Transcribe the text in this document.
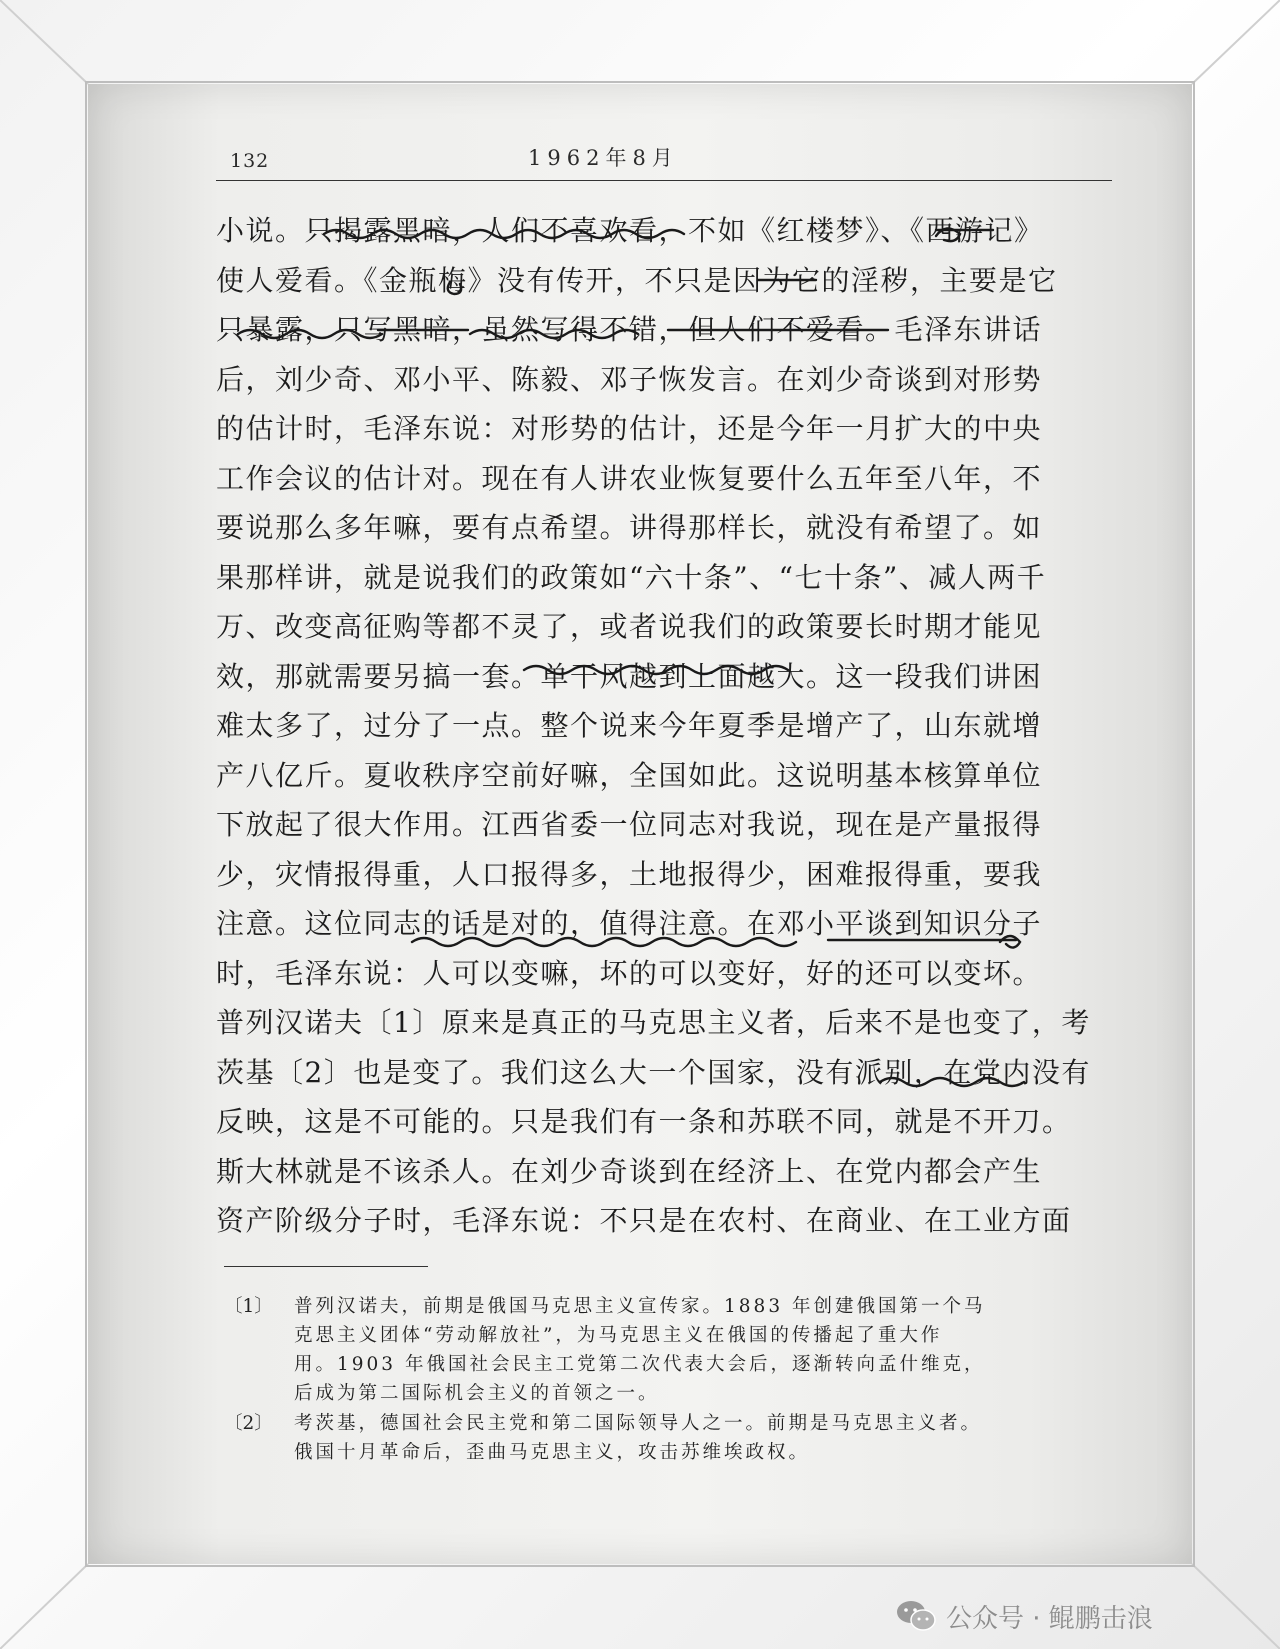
132	1962年8月
小说。只揭露黑暗，人们不喜欢看，不如《红楼梦》、《西游记》
使人爱看。《金瓶梅》没有传开，不只是因为它的淫秽，主要是它
只暴露，只写黑暗，虽然写得不错，但人们不爱看。毛泽东讲话
后，刘少奇、邓小平、陈毅、邓子恢发言。在刘少奇谈到对形势
的估计时，毛泽东说：对形势的估计，还是今年一月扩大的中央
工作会议的估计对。现在有人讲农业恢复要什么五年至八年，不
要说那么多年嘛，要有点希望。讲得那样长，就没有希望了。如
果那样讲，就是说我们的政策如“六十条”、“七十条”、减人两千
万、改变高征购等都不灵了，或者说我们的政策要长时期才能见
效，那就需要另搞一套。单干风越到上面越大。这一段我们讲困
难太多了，过分了一点。整个说来今年夏季是增产了，山东就增
产八亿斤。夏收秩序空前好嘛，全国如此。这说明基本核算单位
下放起了很大作用。江西省委一位同志对我说，现在是产量报得
少，灾情报得重，人口报得多，土地报得少，困难报得重，要我
注意。这位同志的话是对的，值得注意。在邓小平谈到知识分子
时，毛泽东说：人可以变嘛，坏的可以变好，好的还可以变坏。
普列汉诺夫〔1〕原来是真正的马克思主义者，后来不是也变了，考
茨基〔2〕也是变了。我们这么大一个国家，没有派别，在党内没有
反映，这是不可能的。只是我们有一条和苏联不同，就是不开刀。
斯大林就是不该杀人。在刘少奇谈到在经济上、在党内都会产生
资产阶级分子时，毛泽东说：不只是在农村、在商业、在工业方面
〔1〕 普列汉诺夫，前期是俄国马克思主义宣传家。1883 年创建俄国第一个马
克思主义团体“劳动解放社”，为马克思主义在俄国的传播起了重大作
用。1903 年俄国社会民主工党第二次代表大会后，逐渐转向孟什维克，
后成为第二国际机会主义的首领之一。
〔2〕 考茨基，德国社会民主党和第二国际领导人之一。前期是马克思主义者。
俄国十月革命后，歪曲马克思主义，攻击苏维埃政权。
公众号 · 鲲鹏击浪
